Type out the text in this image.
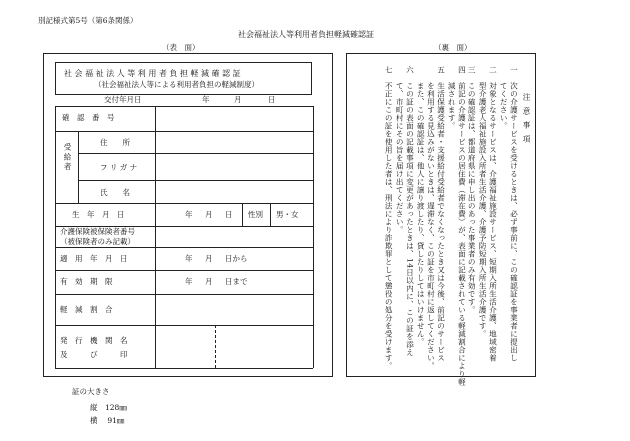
別記様式第5号（第6条関係）
社会福祉法人等利用者負担軽減確認証
（表　面）	（裏　面）
社 会 福 祉 法 人 等 利 用 者 負 担 軽 減 確 認 証
（社会福祉法人等による利用者負担の軽減制度）
交付年月日	年	月	日
確　認　番　号
受給者
住　　所
フ リ ガ ナ
氏　　名
生　年　月　日	年 月 日 性別 男・女
介護保険被保険者番号
（被保険者のみ記載）
適　用　年　月　日	年 月 日から
有　効　期　限	年 月 日まで
軽　減　割　合
発　行　機　関　名
及　　　び　　　印
注 意 事 項
一　次の介護サービスを受けるときは、必ず事前に、この確認証を事業者に提出し
　　てください。
二　対象となるサービスは、介護福祉施設サービス、短期入所生活介護、地域密着
　　型介護老人福祉施設入所者生活介護、介護予防短期入所生活介護です。
三　この確認証は、都道府県に申し出のあった事業者のみ有効です。
四　前記の介護サービスの居住費（滞在費）が、表面に記載されている軽減割合により軽
　　減されます。
五　生活保護受給者・支援給付受給者でなくなったとき又は今後、前記のサービス
　　を利用する見込みがないときは、遅滞なく、この証を市町村に返してください。
　　また、この確認証は、他人に譲り渡したり、貸したりしてはいけません。
六　この証の表面の記載事項に変更があったときは、14日以内に、この証を添え
　　て、市町村にその旨を届け出てください。
七　不正にこの証を使用した者は、刑法により詐欺罪として懲役の処分を受けます。
証の大きさ
縦　128㎜
横　 91㎜
